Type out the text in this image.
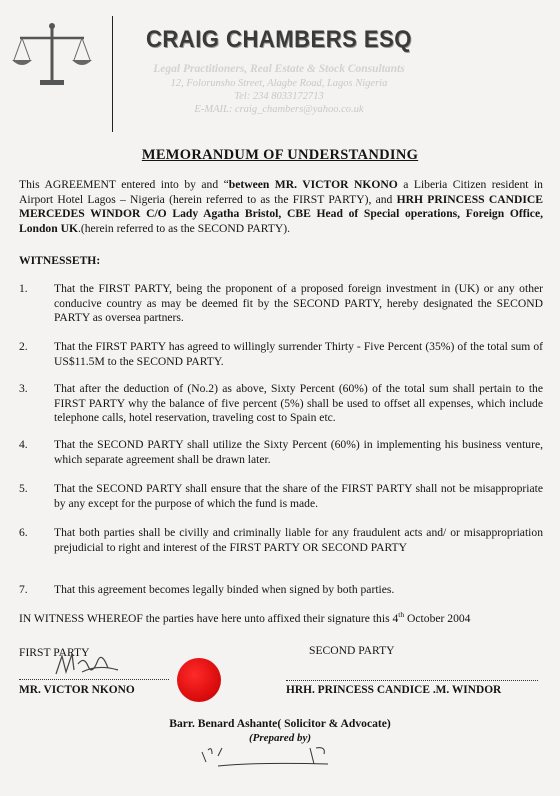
CRAIG CHAMBERS ESQ
Legal Practitioners, Real Estate & Stock Consultants
12, Folorunsho Street, Alagbe Road, Lagos Nigeria
Tel: 234 8033172713
E-MAIL: craig_chambers@yahoo.co.uk
MEMORANDUM OF UNDERSTANDING
This AGREEMENT entered into by and “between MR. VICTOR NKONO a Liberia Citizen resident in Airport Hotel Lagos – Nigeria (herein referred to as the FIRST PARTY), and HRH PRINCESS CANDICE MERCEDES WINDOR C/O Lady Agatha Bristol, CBE Head of Special operations, Foreign Office, London UK.(herein referred to as the SECOND PARTY).
WITNESSETH:
1.	That the FIRST PARTY, being the proponent of a proposed foreign investment in (UK) or any other conducive country as may be deemed fit by the SECOND PARTY, hereby designated the SECOND PARTY as oversea partners.
2.	That the FIRST PARTY has agreed to willingly surrender Thirty - Five Percent (35%) of the total sum of US$11.5M to the SECOND PARTY.
3.	That after the deduction of (No.2) as above, Sixty Percent (60%) of the total sum shall pertain to the FIRST PARTY why the balance of five percent (5%) shall be used to offset all expenses, which include telephone calls, hotel reservation, traveling cost to Spain etc.
4.	That the SECOND PARTY shall utilize the Sixty Percent (60%) in implementing his business venture, which separate agreement shall be drawn later.
5.	That the SECOND PARTY shall ensure that the share of the FIRST PARTY shall not be misappropriate by any except for the purpose of which the fund is made.
6.	That both parties shall be civilly and criminally liable for any fraudulent acts and/ or misappropriation prejudicial to right and interest of the FIRST PARTY OR SECOND PARTY
7.	That this agreement becomes legally binded when signed by both parties.
IN WITNESS WHEREOF the parties have here unto affixed their signature this 4th October 2004
FIRST PARTY
MR. VICTOR NKONO
SECOND PARTY
HRH. PRINCESS CANDICE .M. WINDOR
Barr. Benard Ashante( Solicitor & Advocate)
(Prepared by)
